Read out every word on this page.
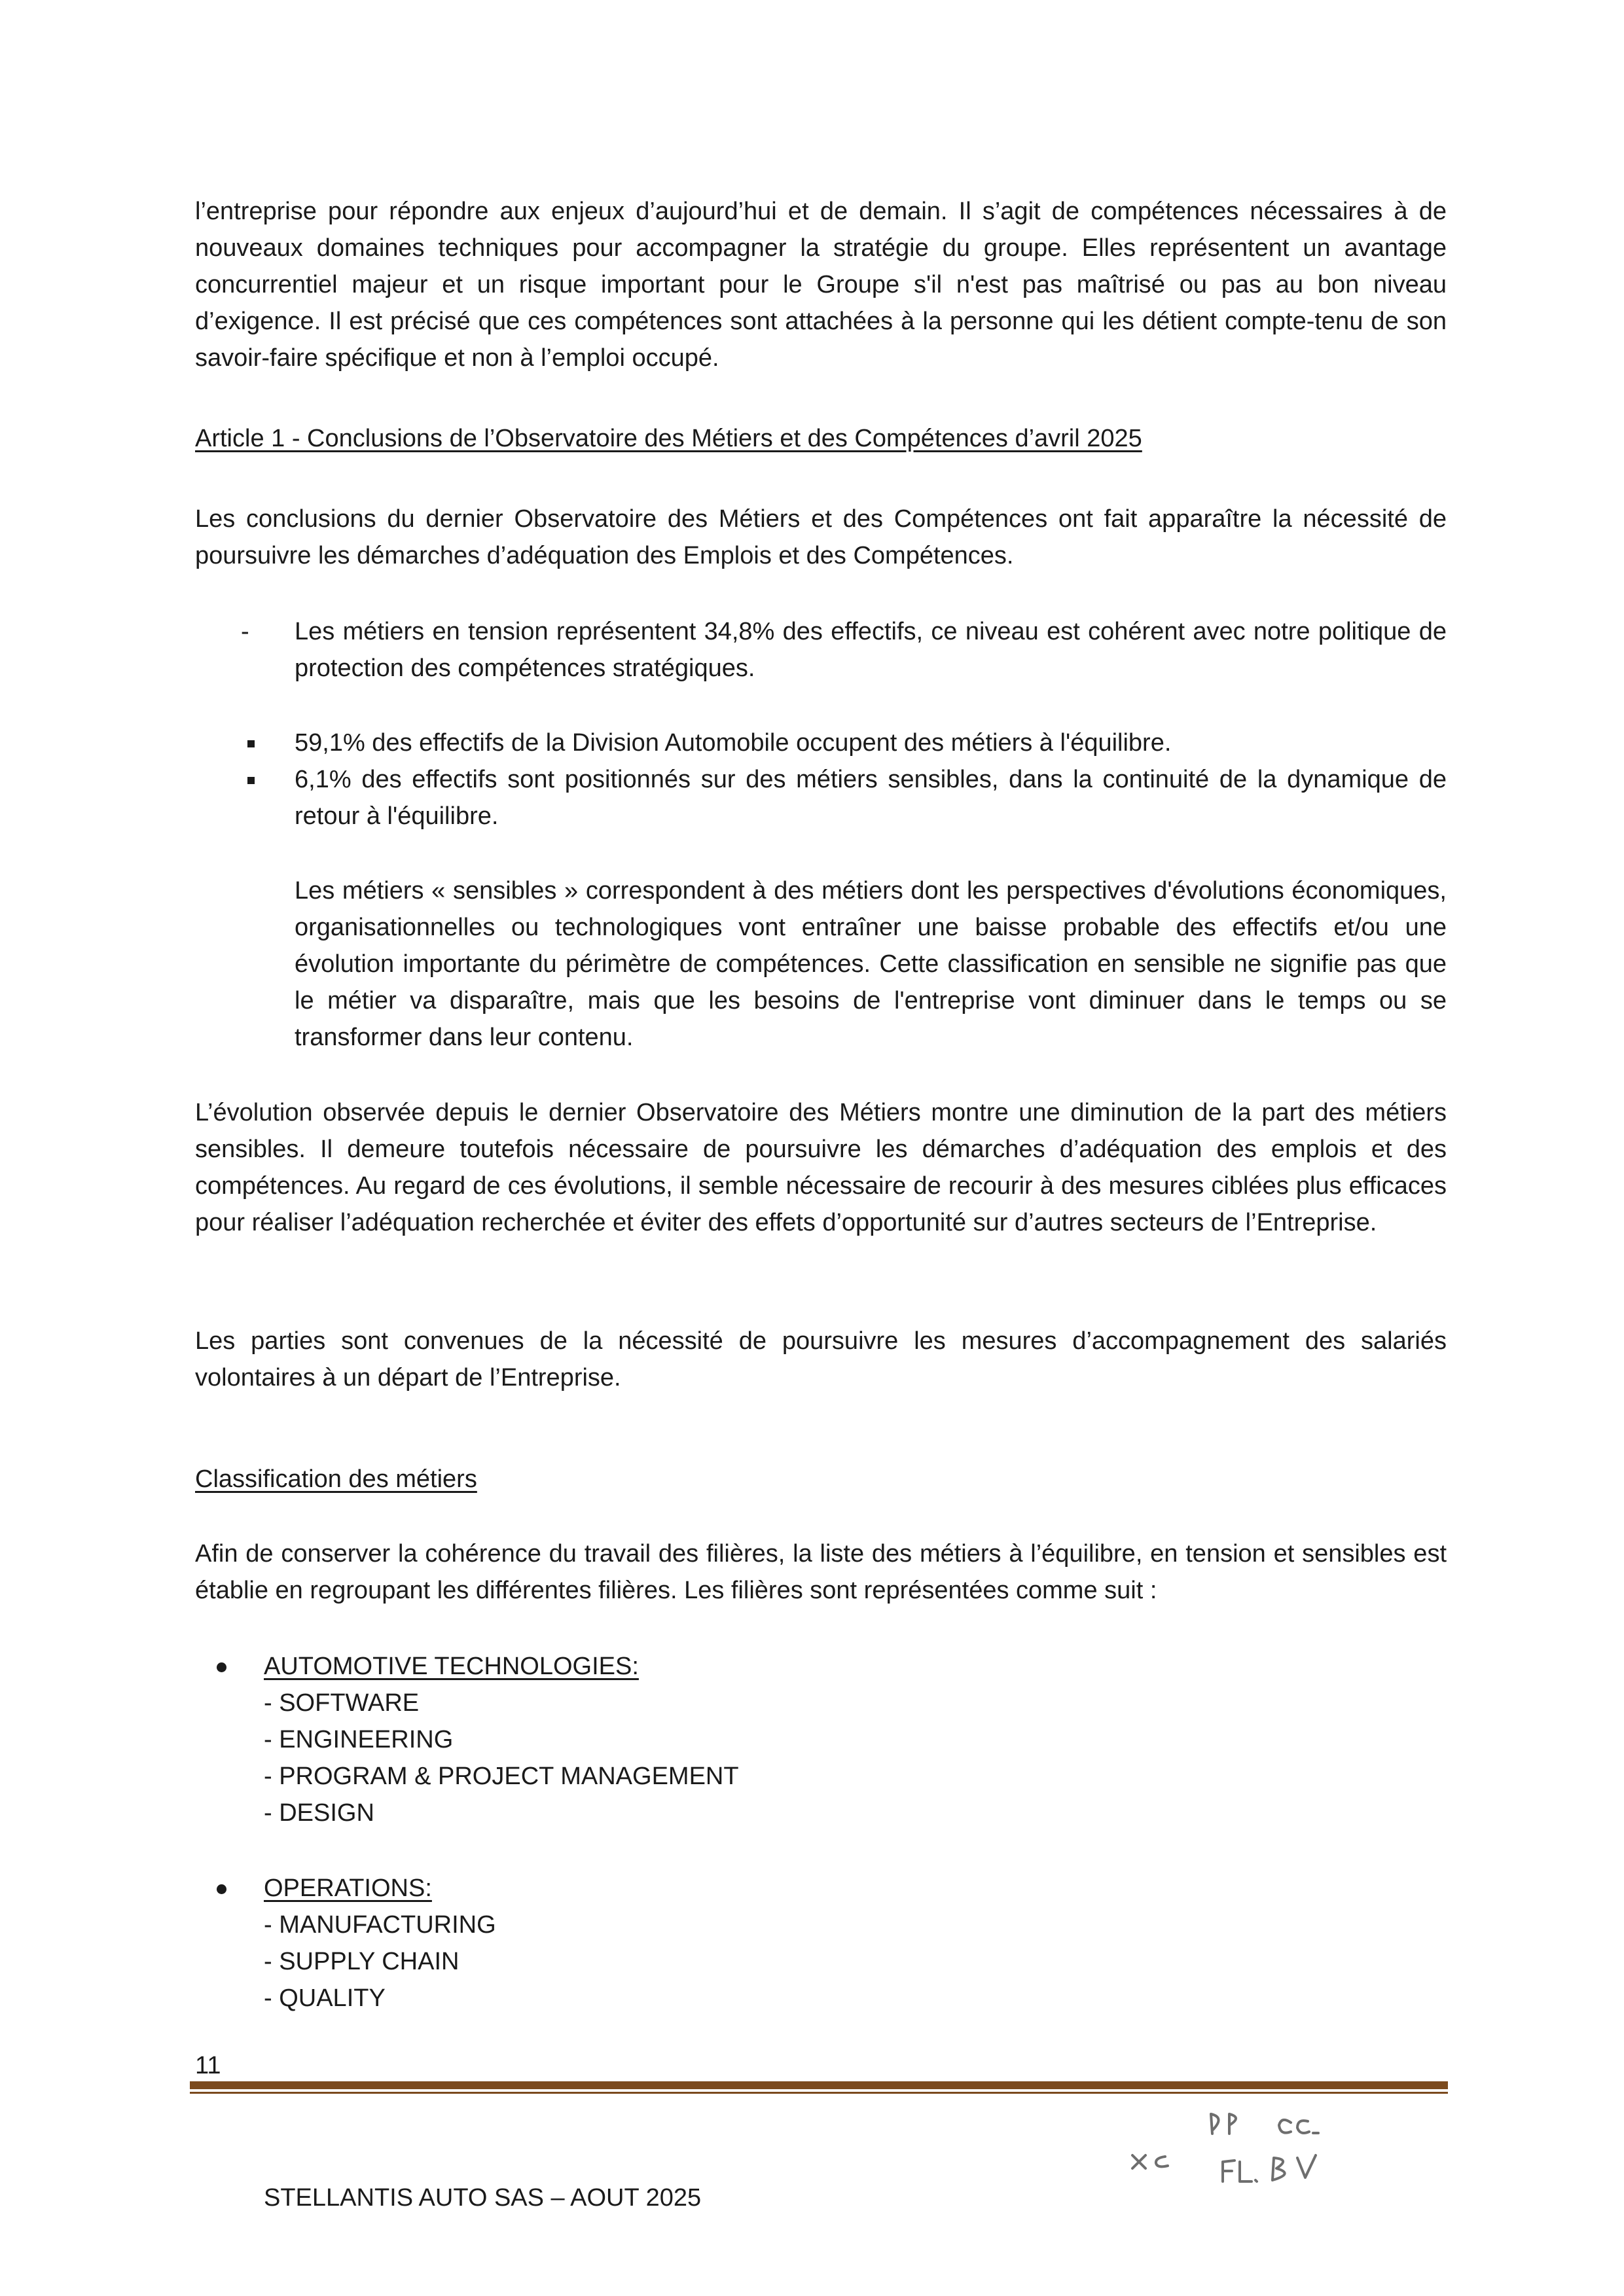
l’entreprise pour répondre aux enjeux d’aujourd’hui et de demain. Il s’agit de compétences nécessaires à de nouveaux domaines techniques pour accompagner la stratégie du groupe. Elles représentent un avantage concurrentiel majeur et un risque important pour le Groupe s'il n'est pas maîtrisé ou pas au bon niveau d’exigence. Il est précisé que ces compétences sont attachées à la personne qui les détient compte-tenu de son savoir-faire spécifique et non à l’emploi occupé.
Article 1 - Conclusions de l’Observatoire des Métiers et des Compétences d’avril 2025
Les conclusions du dernier Observatoire des Métiers et des Compétences ont fait apparaître la nécessité de poursuivre les démarches d’adéquation des Emplois et des Compétences.
- Les métiers en tension représentent 34,8% des effectifs, ce niveau est cohérent avec notre politique de protection des compétences stratégiques.
59,1% des effectifs de la Division Automobile occupent des métiers à l'équilibre.
6,1% des effectifs sont positionnés sur des métiers sensibles, dans la continuité de la dynamique de retour à l'équilibre.
Les métiers « sensibles » correspondent à des métiers dont les perspectives d'évolutions économiques, organisationnelles ou technologiques vont entraîner une baisse probable des effectifs et/ou une évolution importante du périmètre de compétences. Cette classification en sensible ne signifie pas que le métier va disparaître, mais que les besoins de l'entreprise vont diminuer dans le temps ou se transformer dans leur contenu.
L’évolution observée depuis le dernier Observatoire des Métiers montre une diminution de la part des métiers sensibles. Il demeure toutefois nécessaire de poursuivre les démarches d’adéquation des emplois et des compétences. Au regard de ces évolutions, il semble nécessaire de recourir à des mesures ciblées plus efficaces pour réaliser l’adéquation recherchée et éviter des effets d’opportunité sur d’autres secteurs de l’Entreprise.
Les parties sont convenues de la nécessité de poursuivre les mesures d’accompagnement des salariés volontaires à un départ de l’Entreprise.
Classification des métiers
Afin de conserver la cohérence du travail des filières, la liste des métiers à l’équilibre, en tension et sensibles est établie en regroupant les différentes filières. Les filières sont représentées comme suit :
AUTOMOTIVE TECHNOLOGIES:
- SOFTWARE
- ENGINEERING
- PROGRAM & PROJECT MANAGEMENT
- DESIGN
OPERATIONS:
- MANUFACTURING
- SUPPLY CHAIN
- QUALITY
11
STELLANTIS AUTO SAS – AOUT 2025
